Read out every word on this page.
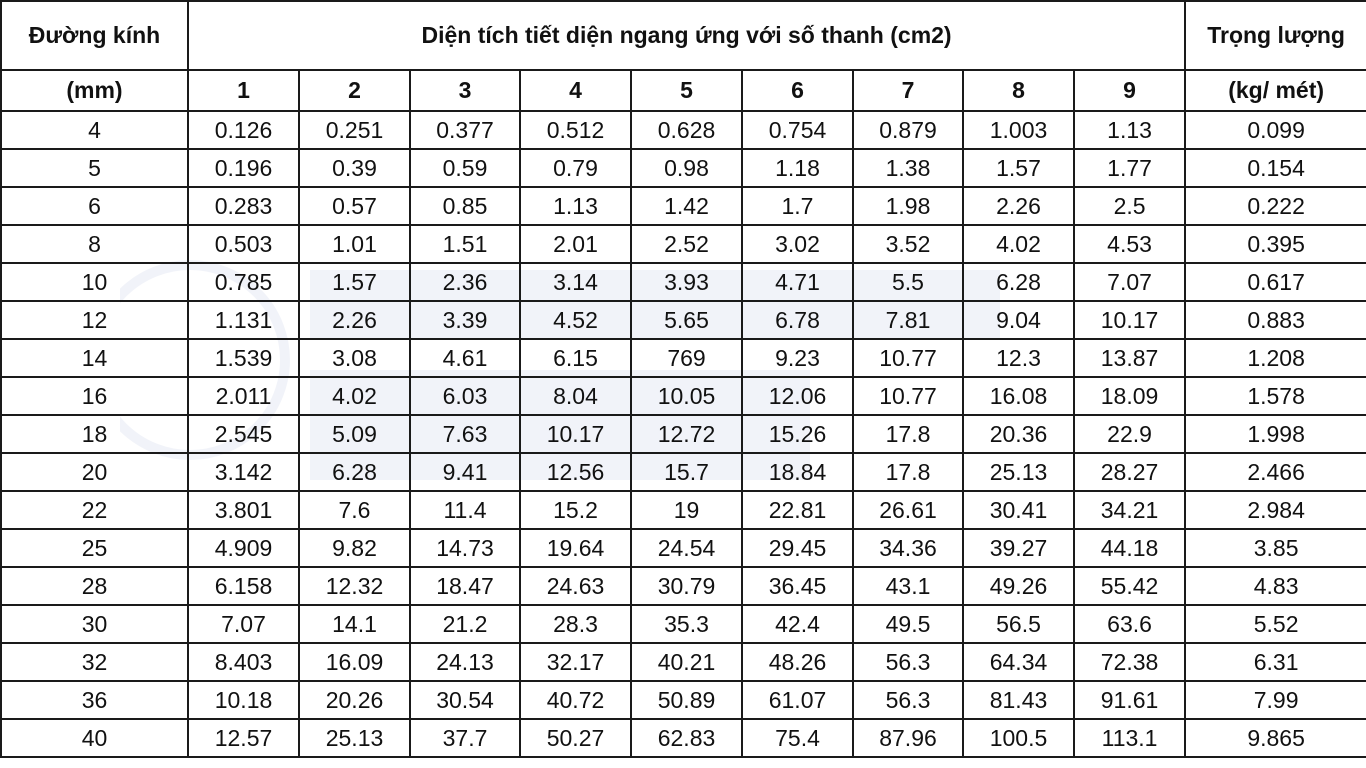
Đường kính	Diện tích tiết diện ngang ứng với số thanh (cm2)									Trọng lượng
(mm)	1	2	3	4	5	6	7	8	9	(kg/ mét)
4	0.126	0.251	0.377	0.512	0.628	0.754	0.879	1.003	1.13	0.099
5	0.196	0.39	0.59	0.79	0.98	1.18	1.38	1.57	1.77	0.154
6	0.283	0.57	0.85	1.13	1.42	1.7	1.98	2.26	2.5	0.222
8	0.503	1.01	1.51	2.01	2.52	3.02	3.52	4.02	4.53	0.395
10	0.785	1.57	2.36	3.14	3.93	4.71	5.5	6.28	7.07	0.617
12	1.131	2.26	3.39	4.52	5.65	6.78	7.81	9.04	10.17	0.883
14	1.539	3.08	4.61	6.15	769	9.23	10.77	12.3	13.87	1.208
16	2.011	4.02	6.03	8.04	10.05	12.06	10.77	16.08	18.09	1.578
18	2.545	5.09	7.63	10.17	12.72	15.26	17.8	20.36	22.9	1.998
20	3.142	6.28	9.41	12.56	15.7	18.84	17.8	25.13	28.27	2.466
22	3.801	7.6	11.4	15.2	19	22.81	26.61	30.41	34.21	2.984
25	4.909	9.82	14.73	19.64	24.54	29.45	34.36	39.27	44.18	3.85
28	6.158	12.32	18.47	24.63	30.79	36.45	43.1	49.26	55.42	4.83
30	7.07	14.1	21.2	28.3	35.3	42.4	49.5	56.5	63.6	5.52
32	8.403	16.09	24.13	32.17	40.21	48.26	56.3	64.34	72.38	6.31
36	10.18	20.26	30.54	40.72	50.89	61.07	56.3	81.43	91.61	7.99
40	12.57	25.13	37.7	50.27	62.83	75.4	87.96	100.5	113.1	9.865
